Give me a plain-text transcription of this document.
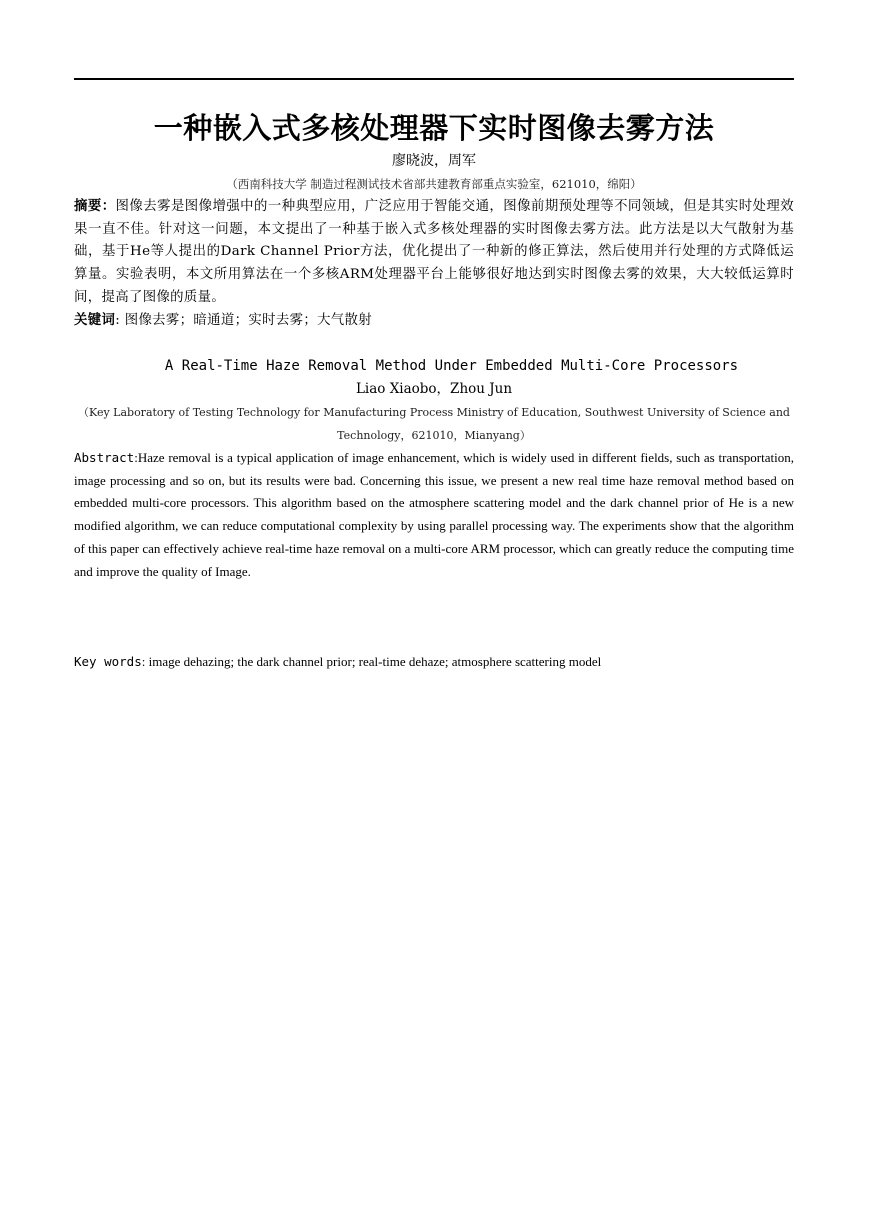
一种嵌入式多核处理器下实时图像去雾方法
廖晓波，周军
（西南科技大学 制造过程测试技术省部共建教育部重点实验室，621010，绵阳）
摘要：图像去雾是图像增强中的一种典型应用，广泛应用于智能交通，图像前期预处理等不同领域，但是其实时处理效果一直不佳。针对这一问题，本文提出了一种基于嵌入式多核处理器的实时图像去雾方法。此方法是以大气散射为基础，基于He等人提出的Dark Channel Prior方法，优化提出了一种新的修正算法，然后使用并行处理的方式降低运算量。实验表明，本文所用算法在一个多核ARM处理器平台上能够很好地达到实时图像去雾的效果，大大较低运算时间，提高了图像的质量。
关键词: 图像去雾；暗通道；实时去雾；大气散射
A Real-Time Haze Removal Method Under Embedded Multi-Core Processors
Liao Xiaobo，Zhou Jun
（Key Laboratory of Testing Technology for Manufacturing Process Ministry of Education, Southwest University of Science and Technology，621010，Mianyang）
Abstract:Haze removal is a typical application of image enhancement, which is widely used in different fields, such as transportation, image processing and so on, but its results were bad. Concerning this issue, we present a new real time haze removal method based on embedded multi-core processors. This algorithm based on the atmosphere scattering model and the dark channel prior of He is a new modified algorithm, we can reduce computational complexity by using parallel processing way. The experiments show that the algorithm of this paper can effectively achieve real-time haze removal on a multi-core ARM processor, which can greatly reduce the computing time and improve the quality of Image.
Key words: image dehazing; the dark channel prior; real-time dehaze; atmosphere scattering model
